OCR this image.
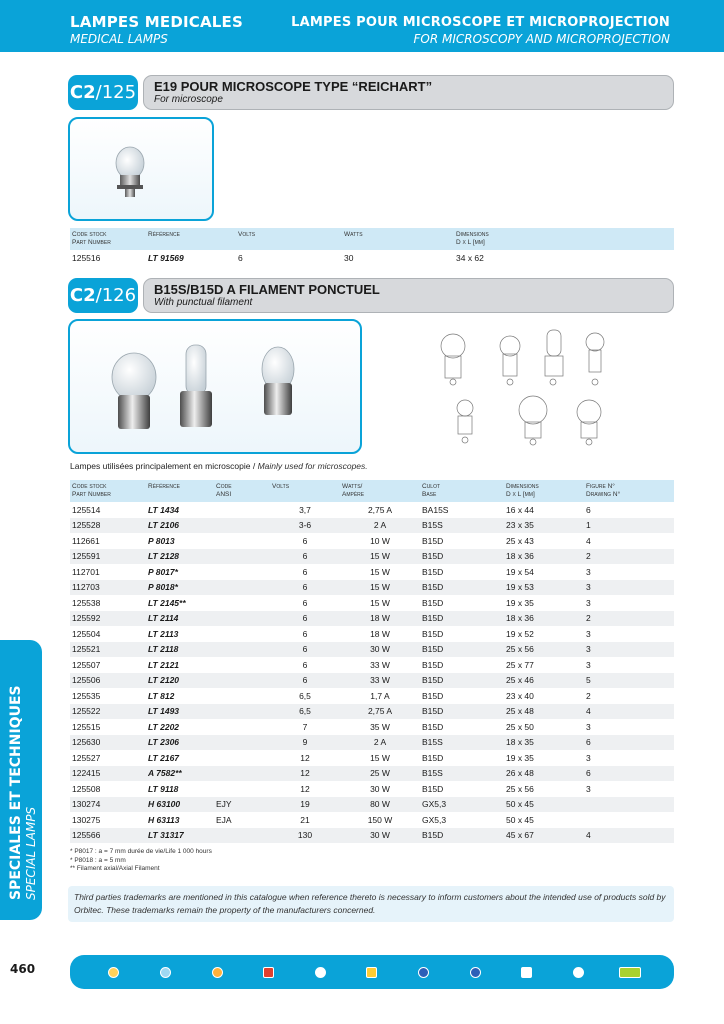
LAMPES MEDICALES
MEDICAL LAMPS
LAMPES POUR MICROSCOPE ET MICROPROJECTION
FOR MICROSCOPY AND MICROPROJECTION
C2 /125 E19 POUR MICROSCOPE TYPE “REICHART”
For microscope
Code stock
Part Number	Référence	Volts	Watts	Dimensions
D x L [mm]
125516	LT 91569	6	30	34 x 62
C2 /126 B15S/B15D A FILAMENT PONCTUEL
With punctual filament
Lampes utilisées principalement en microscopie / Mainly used for microscopes.
Code stock
Part Number	Référence	Code
ANSI	Volts	Watts/
Ampère	Culot
Base	Dimensions
D x L [mm]	Figure N°
Drawing N°
125514	LT 1434		3,7	2,75 A	BA15S	16 x 44	6
125528	LT 2106		3-6	2 A	B15S	23 x 35	1
112661	P 8013		6	10 W	B15D	25 x 43	4
125591	LT 2128		6	15 W	B15D	18 x 36	2
112701	P 8017*		6	15 W	B15D	19 x 54	3
112703	P 8018*		6	15 W	B15D	19 x 53	3
125538	LT 2145**		6	15 W	B15D	19 x 35	3
125592	LT 2114		6	18 W	B15D	18 x 36	2
125504	LT 2113		6	18 W	B15D	19 x 52	3
125521	LT 2118		6	30 W	B15D	25 x 56	3
125507	LT 2121		6	33 W	B15D	25 x 77	3
125506	LT 2120		6	33 W	B15D	25 x 46	5
125535	LT 812		6,5	1,7 A	B15D	23 x 40	2
125522	LT 1493		6,5	2,75 A	B15D	25 x 48	4
125515	LT 2202		7	35 W	B15D	25 x 50	3
125630	LT 2306		9	2 A	B15S	18 x 35	6
125527	LT 2167		12	15 W	B15D	19 x 35	3
122415	A 7582**		12	25 W	B15S	26 x 48	6
125508	LT 9118		12	30 W	B15D	25 x 56	3
130274	H 63100	EJY	19	80 W	GX5,3	50 x 45	
130275	H 63113	EJA	21	150 W	GX5,3	50 x 45	
125566	LT 31317		130	30 W	B15D	45 x 67	4
* P8017 : a = 7 mm durée de vie/Life 1 000 hours
* P8018 : a = 5 mm
** Filament axial/Axial Filament
Third parties trademarks are mentioned in this catalogue when reference thereto is necessary to inform customers about the intended use of products sold by Orbitec. These trademarks remain the property of the manufacturers concerned.
SPECIALES ET TECHNIQUES SPECIAL LAMPS
460
